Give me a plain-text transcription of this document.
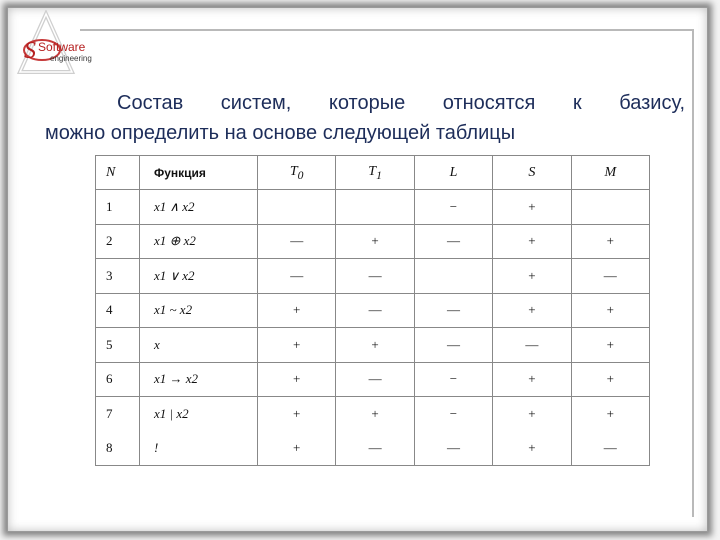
S Software
engineering
Состав систем, которые относятся к базису,
можно определить на основе следующей таблицы
N	Функция	$T_0$	$T_1$	L	S	M
1	x1 ∧ x2			−	+	
2	x1 ⊕ x2	—	+	—	+	+
3	x1 ∨ x2	—	—		+	—
4	x1 ~ x2	+	—	—	+	+
5	x	+	+	—	—	+
6	x1 → x2	+	—	−	+	+
7	x1 | x2	+	+	−	+	+
8	!	+	—	—	+	—
